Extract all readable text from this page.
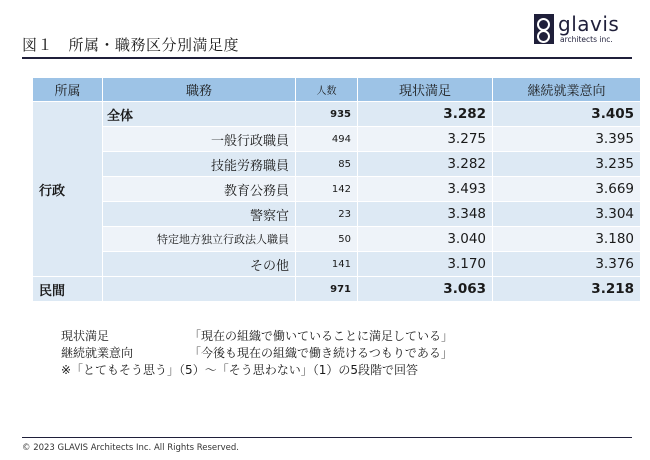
図１　所属・職務区分別満足度
glavis
architects inc.
所属	職務	人数	現状満足	継続就業意向
行政	全体	935	3.282	3.405
	一般行政職員	494	3.275	3.395
	技能労務職員	85	3.282	3.235
	教育公務員	142	3.493	3.669
	警察官	23	3.348	3.304
	特定地方独立行政法人職員	50	3.040	3.180
	その他	141	3.170	3.376
民間		971	3.063	3.218
現状満足	「現在の組織で働いていることに満足している」
継続就業意向	「今後も現在の組織で働き続けるつもりである」
※「とてもそう思う」（5）～「そう思わない」（1）の5段階で回答
© 2023 GLAVIS Architects Inc. All Rights Reserved.
